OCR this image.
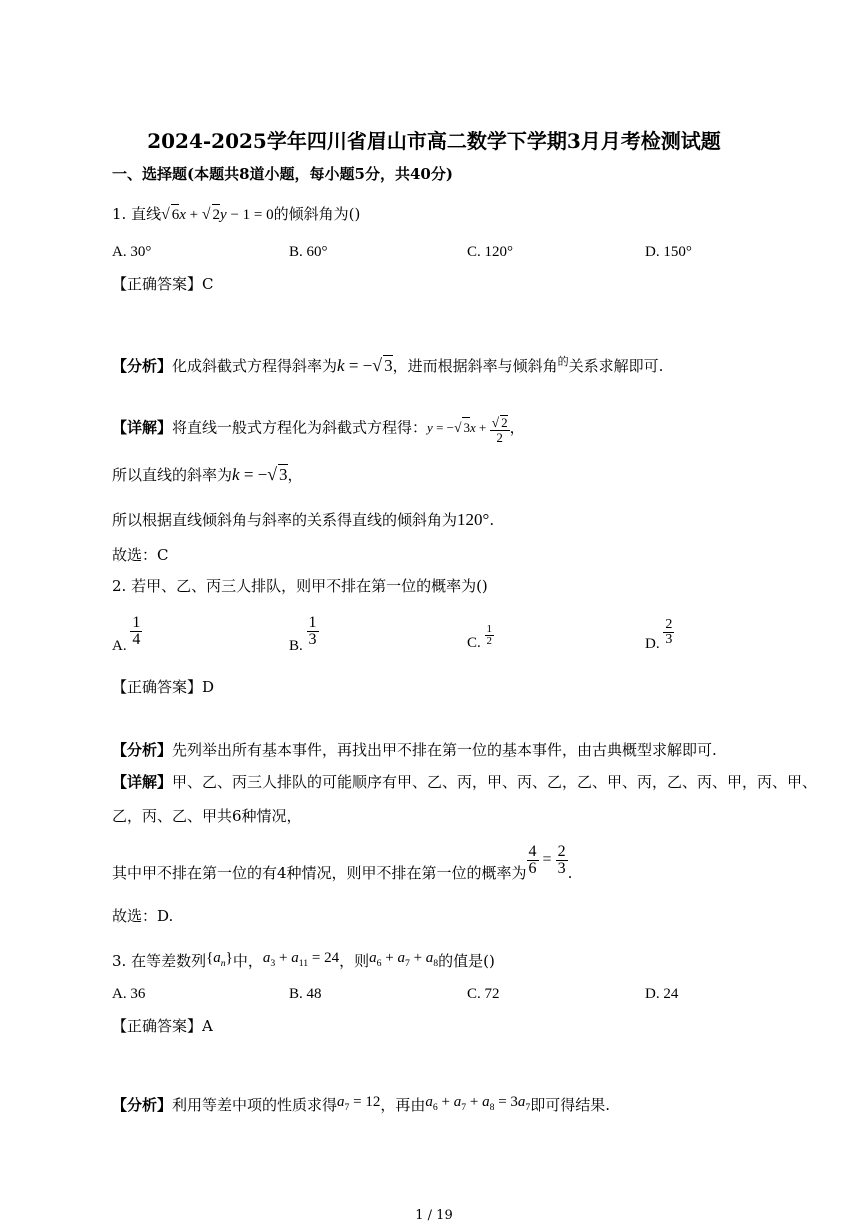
2024-2025学年四川省眉山市高二数学下学期3月月考检测试题
一、选择题(本题共8道小题，每小题5分，共40分)
1. 直线√ 6x + √ 2y − 1 = 0的倾斜角为()
A. 30°	B. 60°	C. 120°	D. 150°
【正确答案】C
【分析】化成斜截式方程得斜率为k = −√ 3，进而根据斜率与倾斜角$^的$关系求解即可.
【详解】将直线一般式方程化为斜截式方程得：y = −√ $3x + \frac{√ 2}{2}$ ，
所以直线的斜率为k = −√ 3，
所以根据直线倾斜角与斜率的关系得直线的倾斜角为120°.
故选：C
2. 若甲、乙、丙三人排队，则甲不排在第一位的概率为()
A. $\frac{1}{4}$	B. $\frac{1}{3}$	C. $\frac{1}{2}$	D. $\frac{2}{3}$
【正确答案】D
【分析】先列举出所有基本事件，再找出甲不排在第一位的基本事件，由古典概型求解即可.
【详解】甲、乙、丙三人排队的可能顺序有甲、乙、丙，甲、丙、乙，乙、甲、丙，乙、丙、甲，丙、甲、
乙，丙、乙、甲共6种情况，
其中甲不排在第一位的有4种情况，则甲不排在第一位的概率为 $\frac{4}{6} = \frac{2}{3}$ .
故选：D.
3. 在等差数列$\{a_n\}$中，$a_3 + a_{11} = 24$，则$a_6 + a_7 + a_8$的值是()
A. 36	B. 48	C. 72	D. 24
【正确答案】A
【分析】利用等差中项的性质求得$a_7 = 12$，再由$a_6 + a_7 + a_8 = 3a_7$即可得结果.
1 / 19
